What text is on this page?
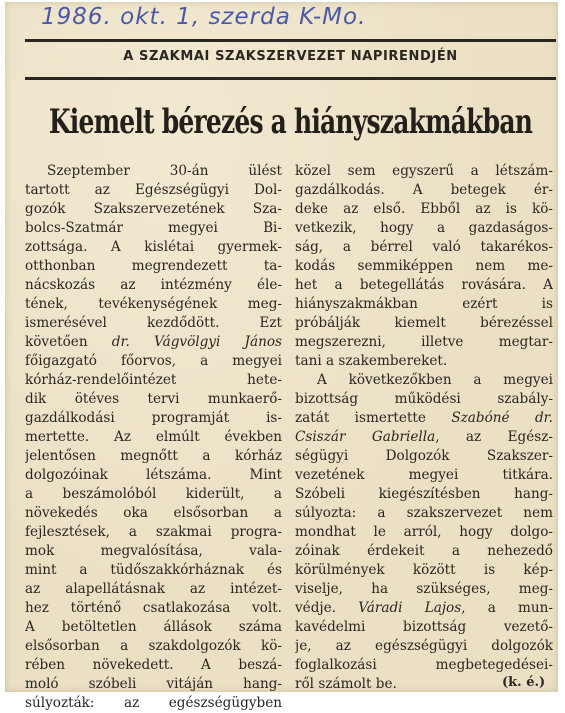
1986. okt. 1, szerda K-Mo.
A SZAKMAI SZAKSZERVEZET NAPIRENDJÉN
Kiemelt bérezés a hiányszakmákban
Szeptember 30-án ülést
tartott az Egészségügyi Dol-
gozók Szakszervezetének Sza-
bolcs-Szatmár megyei Bi-
zottsága. A kislétai gyermek-
otthonban megrendezett ta-
nácskozás az intézmény éle-
tének, tevékenységének meg-
ismerésével kezdődött. Ezt
követően dr. Vágvölgyi János
főigazgató főorvos, a megyei
kórház-rendelőintézet hete-
dik ötéves tervi munkaerő-
gazdálkodási programját is-
mertette. Az elmúlt években
jelentősen megnőtt a kórház
dolgozóinak létszáma. Mint
a beszámolóból kiderült, a
növekedés oka elsősorban a
fejlesztések, a szakmai progra-
mok megvalósítása, vala-
mint a tüdőszakkórháznak és
az alapellátásnak az intézet-
hez történő csatlakozása volt.
A betöltetlen állások száma
elsősorban a szakdolgozók kö-
rében növekedett. A beszá-
moló szóbeli vitáján hang-
súlyozták: az egészségügyben
közel sem egyszerű a létszám-
gazdálkodás. A betegek ér-
deke az első. Ebből az is kö-
vetkezik, hogy a gazdaságos-
ság, a bérrel való takarékos-
kodás semmiképpen nem me-
het a betegellátás rovására. A
hiányszakmákban ezért is
próbálják kiemelt bérezéssel
megszerezni, illetve megtar-
tani a szakembereket.
A következőkben a megyei
bizottság működési szabály-
zatát ismertette Szabóné dr.
Csiszár Gabriella, az Egész-
ségügyi Dolgozók Szakszer-
vezetének megyei titkára.
Szóbeli kiegészítésben hang-
súlyozta: a szakszervezet nem
mondhat le arról, hogy dolgo-
zóinak érdekeit a nehezedő
körülmények között is kép-
viselje, ha szükséges, meg-
védje. Váradi Lajos, a mun-
kavédelmi bizottság vezető-
je, az egészségügyi dolgozók
foglalkozási megbetegedései-
ről számolt be.	(k. é.)
